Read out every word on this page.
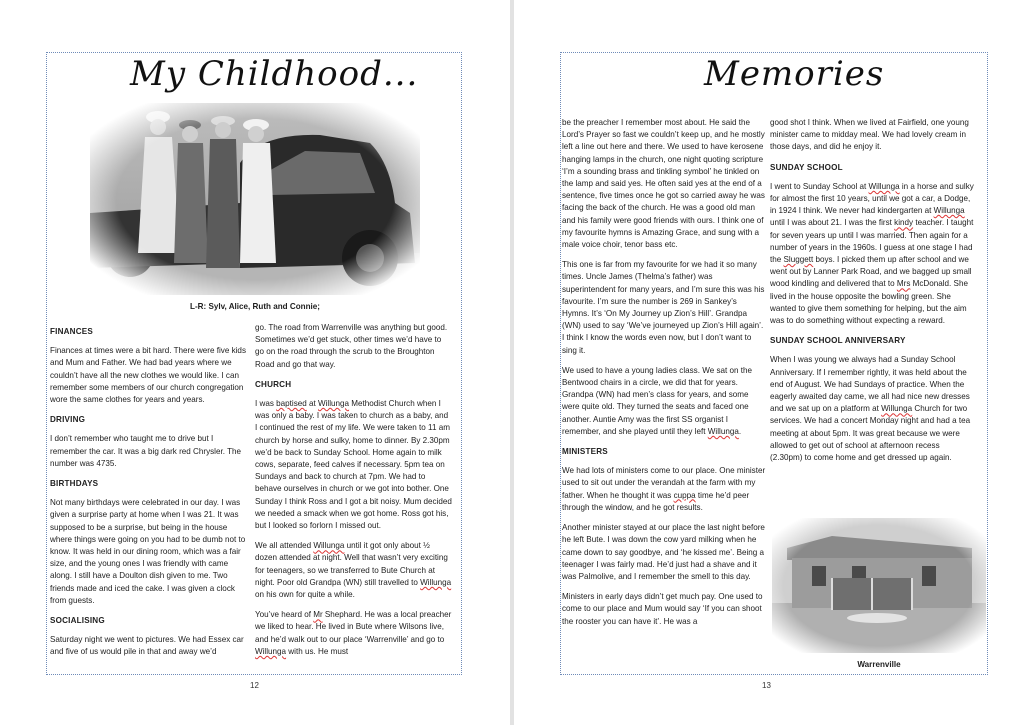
My Childhood...
L-R: Sylv, Alice, Ruth and Connie;
FINANCES

Finances at times were a bit hard. There were five kids and Mum and Father. We had bad years where we couldn’t have all the new clothes we would like. I can remember some members of our church congregation wore the same clothes for years and years.

DRIVING

I don’t remember who taught me to drive but I remember the car. It was a big dark red Chrysler. The number was 4735.

BIRTHDAYS

Not many birthdays were celebrated in our day. I was given a surprise party at home when I was 21. It was supposed to be a surprise, but being in the house where things were going on you had to be dumb not to know. It was held in our dining room, which was a fair size, and the young ones I was friendly with came along. I still have a Doulton dish given to me. Two friends made and iced the cake. I was given a clock from guests.

SOCIALISING

Saturday night we went to pictures. We had Essex car and five of us would pile in that and away we’d

go. The road from Warrenville was anything but good. Sometimes we’d get stuck, other times we’d have to go on the road through the scrub to the Broughton Road and go that way.

CHURCH

I was baptised at Willunga Methodist Church when I was only a baby. I was taken to church as a baby, and I continued the rest of my life. We were taken to 11 am church by horse and sulky, home to dinner. By 2.30pm we’d be back to Sunday School. Home again to milk cows, separate, feed calves if necessary. 5pm tea on Sundays and back to church at 7pm. We had to behave ourselves in church or we got into bother. One Sunday I think Ross and I got a bit noisy. Mum decided we needed a smack when we got home. Ross got his, but I looked so forlorn I missed out.

We all attended Willunga until it got only about ½ dozen attended at night. Well that wasn’t very exciting for teenagers, so we transferred to Bute Church at night. Poor old Grandpa (WN) still travelled to Willunga on his own for quite a while.

You’ve heard of Mr Shephard. He was a local preacher we liked to hear. He lived in Bute where Wilsons live, and he’d walk out to our place ‘Warrenville’ and go to Willunga with us. He must

12
Memories

be the preacher I remember most about. He said the Lord’s Prayer so fast we couldn’t keep up, and he mostly left a line out here and there. We used to have kerosene hanging lamps in the church, one night quoting scripture ‘I’m a sounding brass and tinkling symbol’ he tinkled on the lamp and said yes. He often said yes at the end of a sentence, five times once he got so carried away he was facing the back of the church. He was a good old man and his family were good friends with ours. I think one of my favourite hymns is Amazing Grace, and sung with a male voice choir, tenor bass etc.

This one is far from my favourite for we had it so many times. Uncle James (Thelma’s father) was superintendent for many years, and I’m sure this was his favourite. I’m sure the number is 269 in Sankey’s Hymns. It’s ‘On My Journey up Zion’s Hill’. Grandpa (WN) used to say ‘We’ve journeyed up Zion’s Hill again’. I think I know the words even now, but I don’t want to sing it.

We used to have a young ladies class. We sat on the Bentwood chairs in a circle, we did that for years. Grandpa (WN) had men’s class for years, and some were quite old. They turned the seats and faced one another. Auntie Amy was the first SS organist I remember, and she played until they left Willunga.

MINISTERS

We had lots of ministers come to our place. One minister used to sit out under the verandah at the farm with my father. When he thought it was cuppa time he’d peer through the window, and he got results.

Another minister stayed at our place the last night before he left Bute. I was down the cow yard milking when he came down to say goodbye, and ‘he kissed me’. Being a teenager I was fairly mad. He’d just had a shave and it was Palmolive, and I remember the smell to this day.

Ministers in early days didn’t get much pay. One used to come to our place and Mum would say ‘If you can shoot the rooster you can have it’. He was a

good shot I think. When we lived at Fairfield, one young minister came to midday meal. We had lovely cream in those days, and did he enjoy it.

SUNDAY SCHOOL

I went to Sunday School at Willunga in a horse and sulky for almost the first 10 years, until we got a car, a Dodge, in 1924 I think. We never had kindergarten at Willunga until I was about 21. I was the first kindy teacher. I taught for seven years up until I was married. Then again for a number of years in the 1960s. I guess at one stage I had the Sluggett boys. I picked them up after school and we went out by Lanner Park Road, and we bagged up small wood kindling and delivered that to Mrs McDonald. She lived in the house opposite the bowling green. She wanted to give them something for helping, but the aim was to do something without expecting a reward.

SUNDAY SCHOOL ANNIVERSARY

When I was young we always had a Sunday School Anniversary. If I remember rightly, it was held about the end of August. We had Sundays of practice. When the eagerly awaited day came, we all had nice new dresses and we sat up on a platform at Willunga Church for two services. We had a concert Monday night and had a tea meeting at about 5pm. It was great because we were allowed to get out of school at afternoon recess (2.30pm) to come home and get dressed up again.

Warrenville
13
